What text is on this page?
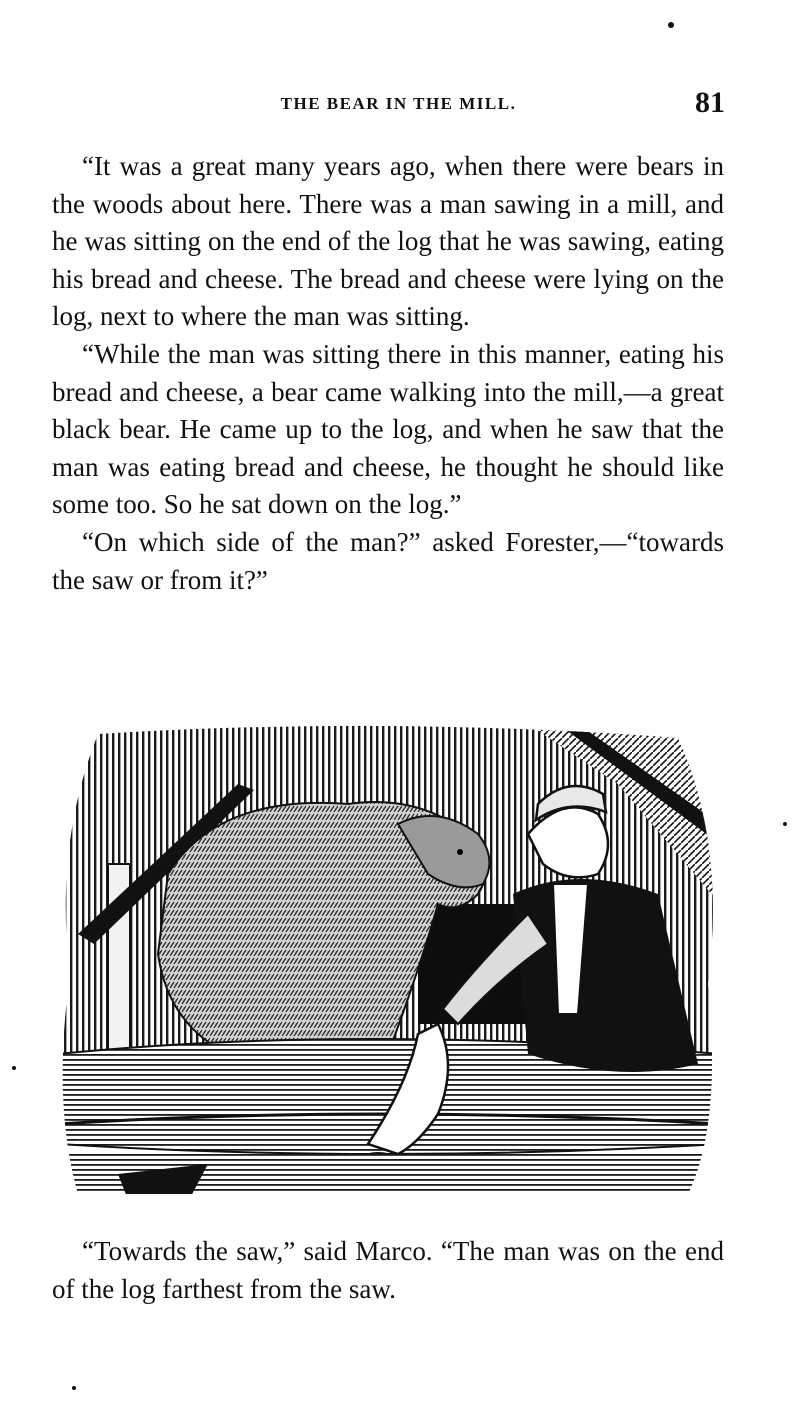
THE BEAR IN THE MILL.	81

“It was a great many years ago, when there were bears in the woods about here. There was a man sawing in a mill, and he was sitting on the end of the log that he was sawing, eating his bread and cheese. The bread and cheese were lying on the log, next to where the man was sitting.

“While the man was sitting there in this manner, eating his bread and cheese, a bear came walking into the mill,—a great black bear. He came up to the log, and when he saw that the man was eating bread and cheese, he thought he should like some too. So he sat down on the log.”

“On which side of the man?” asked Forester,—“towards the saw or from it?”

“Towards the saw,” said Marco. “The man was on the end of the log farthest from the saw.
